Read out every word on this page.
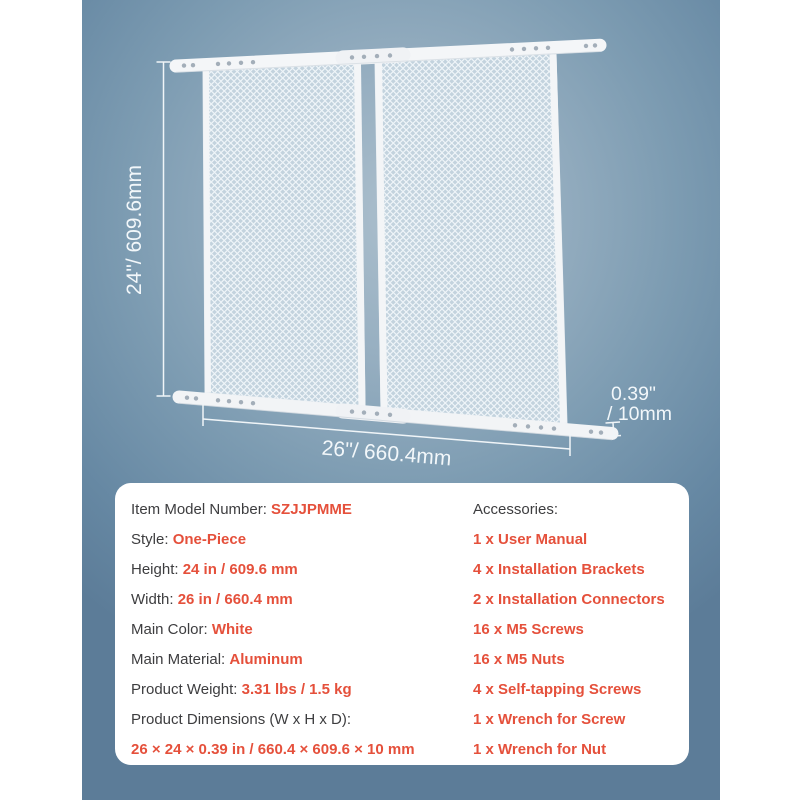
24"/ 609.6mm
26"/ 660.4mm
0.39"
/ 10mm
Item Model Number: SZJJPMME
Style: One-Piece
Height: 24 in / 609.6 mm
Width: 26 in / 660.4 mm
Main Color: White
Main Material: Aluminum
Product Weight: 3.31 lbs / 1.5 kg
Product Dimensions (W x H x D):
26 × 24 × 0.39 in / 660.4 × 609.6 × 10 mm
Accessories:
1 x User Manual
4 x Installation Brackets
2 x Installation Connectors
16 x M5 Screws
16 x M5 Nuts
4 x Self-tapping Screws
1 x Wrench for Screw
1 x Wrench for Nut
